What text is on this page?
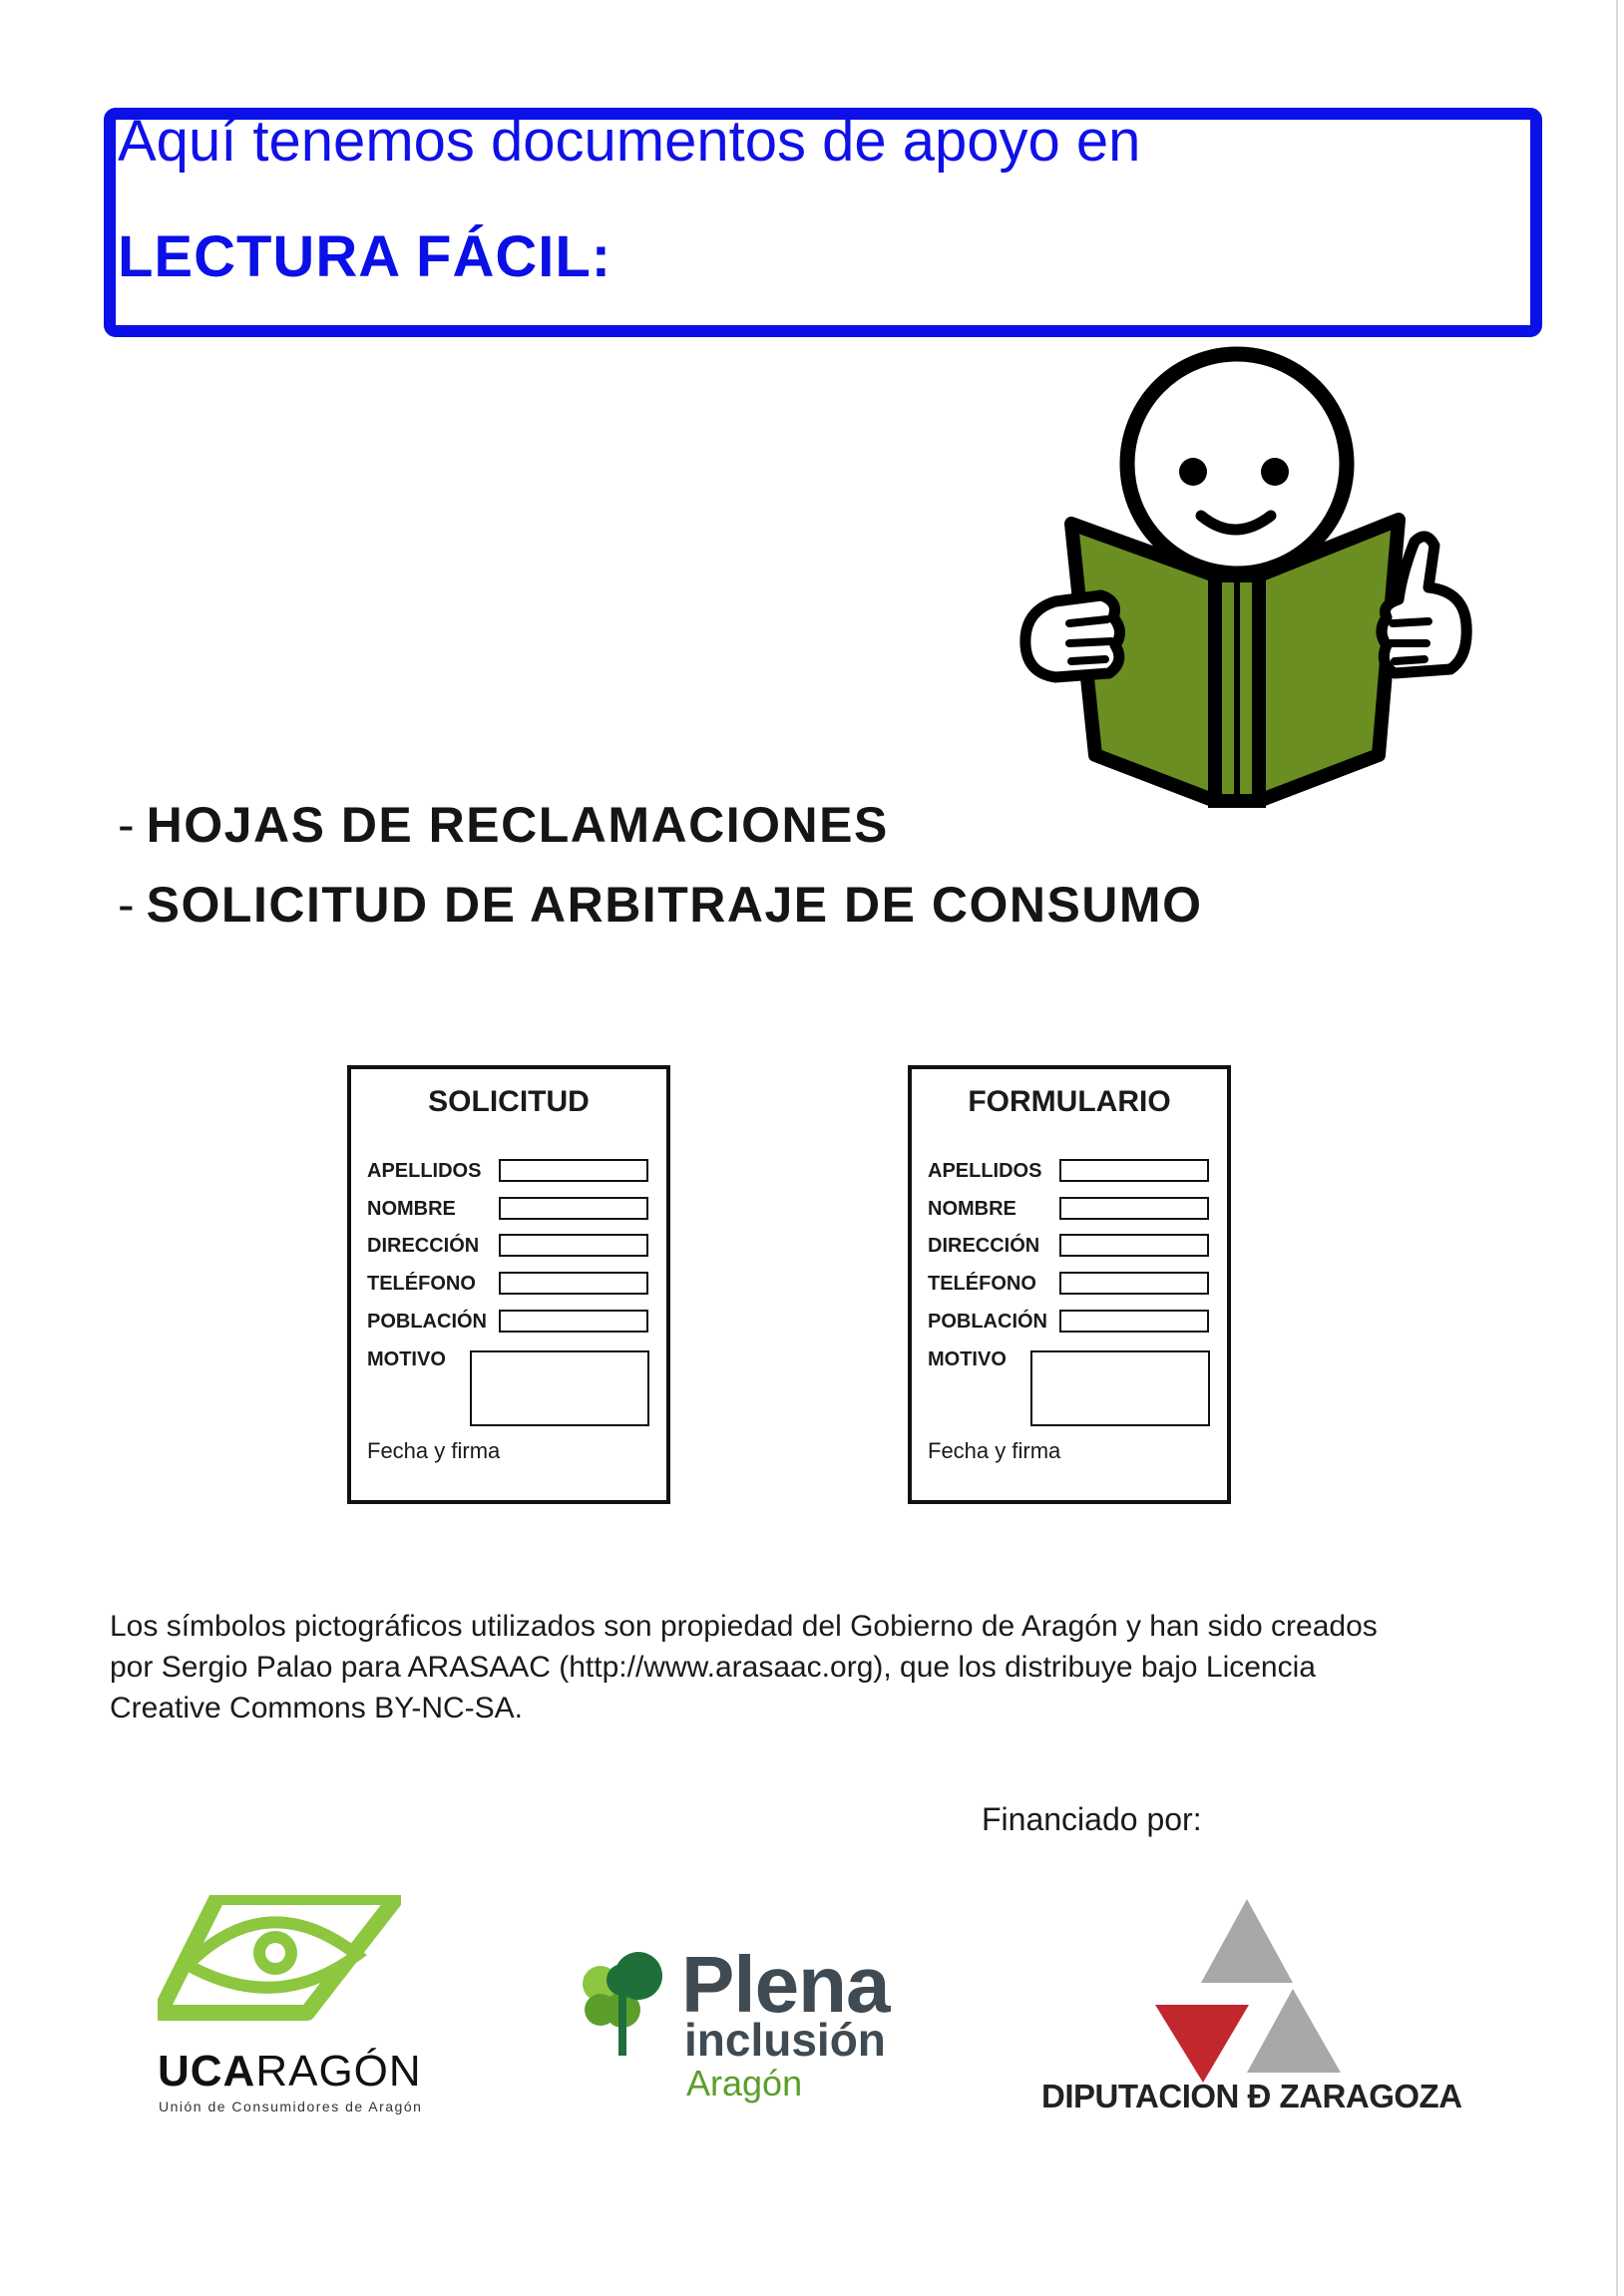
Aquí tenemos documentos de apoyo en
LECTURA FÁCIL:
- HOJAS DE RECLAMACIONES
- SOLICITUD DE ARBITRAJE DE CONSUMO
SOLICITUD
APELLIDOS
NOMBRE
DIRECCIÓN
TELÉFONO
POBLACIÓN
MOTIVO
Fecha y firma
FORMULARIO
APELLIDOS
NOMBRE
DIRECCIÓN
TELÉFONO
POBLACIÓN
MOTIVO
Fecha y firma
Los símbolos pictográficos utilizados son propiedad del Gobierno de Aragón y han sido creados
por Sergio Palao para ARASAAC (http://www.arasaac.org), que los distribuye bajo Licencia
Creative Commons BY-NC-SA.
Financiado por:
UCARAGÓN
Unión de Consumidores de Aragón
Plena
inclusión
Aragón	DIPUTACION Ð ZARAGOZA
